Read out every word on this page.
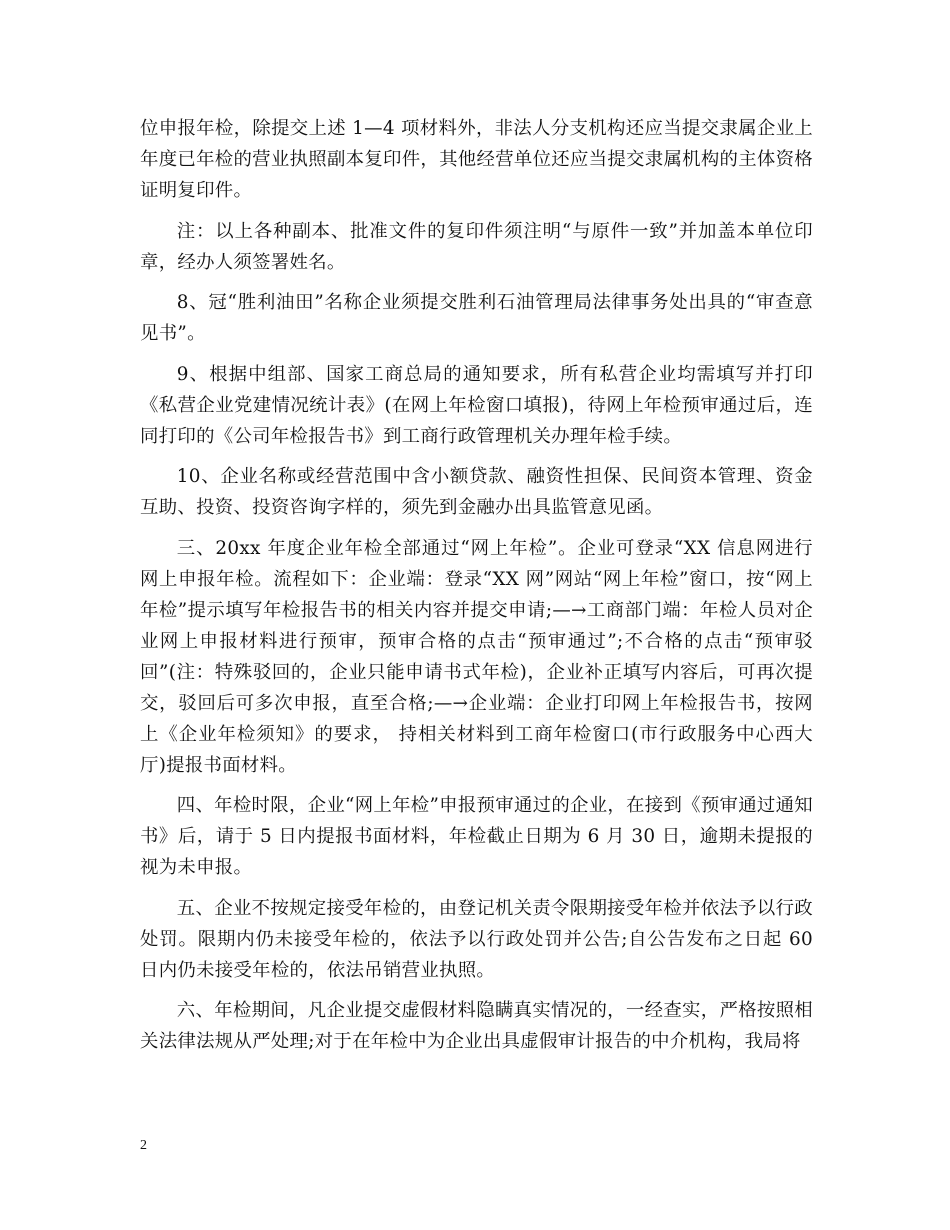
位申报年检，除提交上述 1—4 项材料外，非法人分支机构还应当提交隶属企业上年度已年检的营业执照副本复印件，其他经营单位还应当提交隶属机构的主体资格证明复印件。

注：以上各种副本、批准文件的复印件须注明“与原件一致”并加盖本单位印章，经办人须签署姓名。

8、冠“胜利油田”名称企业须提交胜利石油管理局法律事务处出具的“审查意见书”。

9、根据中组部、国家工商总局的通知要求，所有私营企业均需填写并打印《私营企业党建情况统计表》(在网上年检窗口填报)，待网上年检预审通过后，连同打印的《公司年检报告书》到工商行政管理机关办理年检手续。

10、企业名称或经营范围中含小额贷款、融资性担保、民间资本管理、资金互助、投资、投资咨询字样的，须先到金融办出具监管意见函。

三、20xx 年度企业年检全部通过“网上年检”。企业可登录“XX 信息网进行网上申报年检。流程如下：企业端：登录“XX 网”网站“网上年检”窗口，按“网上年检”提示填写年检报告书的相关内容并提交申请;—→工商部门端：年检人员对企业网上申报材料进行预审，预审合格的点击“预审通过”;不合格的点击“预审驳回”(注：特殊驳回的，企业只能申请书式年检)，企业补正填写内容后，可再次提交，驳回后可多次申报，直至合格;—→企业端：企业打印网上年检报告书，按网上《企业年检须知》的要求， 持相关材料到工商年检窗口(市行政服务中心西大厅)提报书面材料。

四、年检时限，企业“网上年检”申报预审通过的企业，在接到《预审通过通知书》后，请于 5 日内提报书面材料，年检截止日期为 6 月 30 日，逾期未提报的视为未申报。

五、企业不按规定接受年检的，由登记机关责令限期接受年检并依法予以行政处罚。限期内仍未接受年检的，依法予以行政处罚并公告;自公告发布之日起 60 日内仍未接受年检的，依法吊销营业执照。

六、年检期间，凡企业提交虚假材料隐瞒真实情况的，一经查实，严格按照相关法律法规从严处理;对于在年检中为企业出具虚假审计报告的中介机构，我局将

2
